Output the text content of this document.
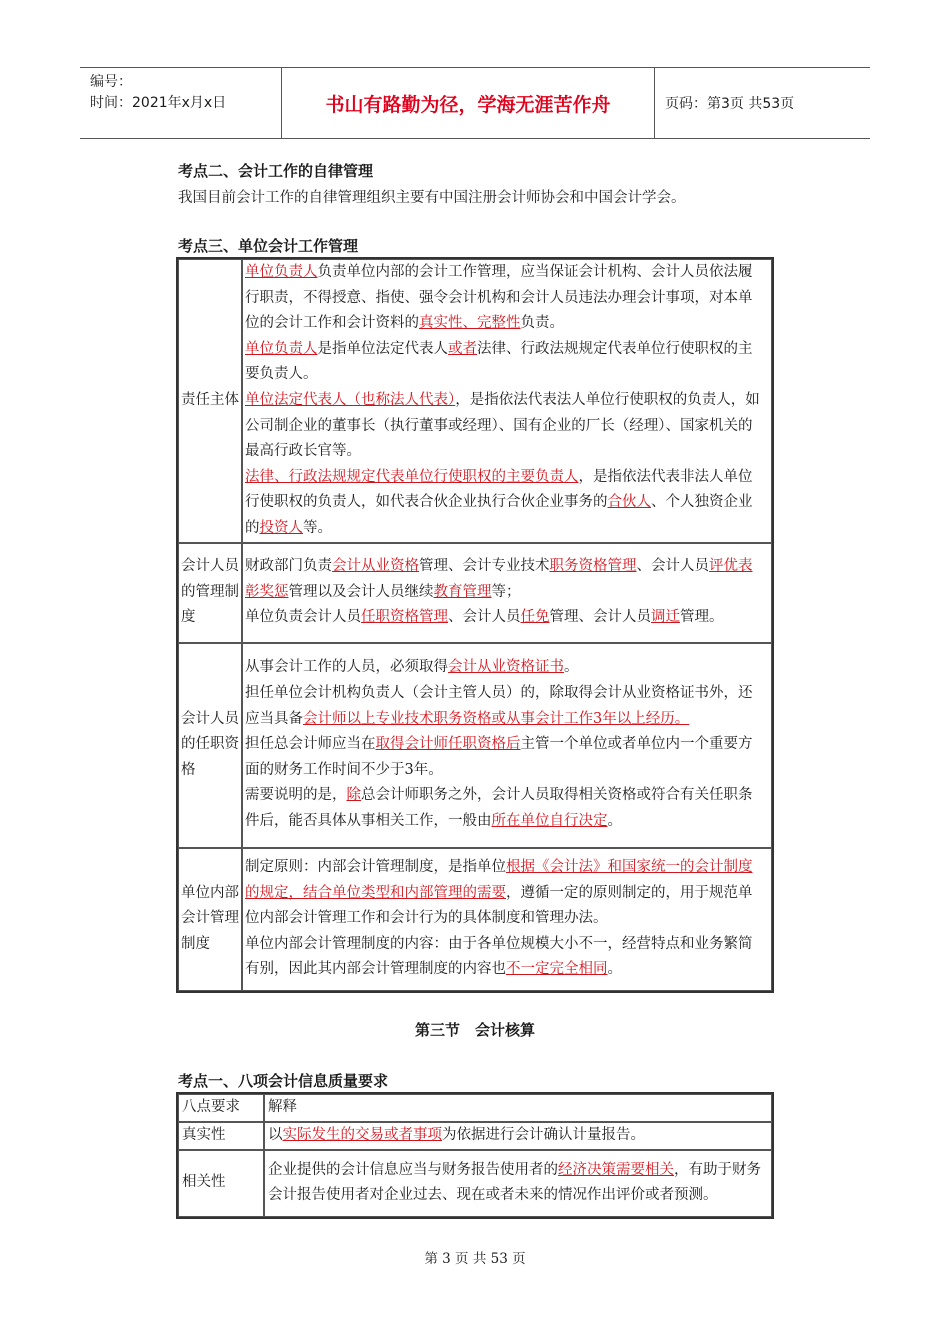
编号：
时间：2021年x月x日	书山有路勤为径，学海无涯苦作舟	页码：第3页 共53页
考点二、会计工作的自律管理
我国目前会计工作的自律管理组织主要有中国注册会计师协会和中国会计学会。
考点三、单位会计工作管理
责任主体	单位负责人负责单位内部的会计工作管理，应当保证会计机构、会计人员依法履行职责，不得授意、指使、强令会计机构和会计人员违法办理会计事项，对本单位的会计工作和会计资料的真实性、完整性负责。

单位负责人是指单位法定代表人或者法律、行政法规规定代表单位行使职权的主要负责人。

单位法定代表人（也称法人代表），是指依法代表法人单位行使职权的负责人，如公司制企业的董事长（执行董事或经理）、国有企业的厂长（经理）、国家机关的最高行政长官等。

法律、行政法规规定代表单位行使职权的主要负责人，是指依法代表非法人单位行使职权的负责人，如代表合伙企业执行合伙企业事务的合伙人、个人独资企业的投资人等。

会计人员的管理制度	财政部门负责会计从业资格管理、会计专业技术职务资格管理、会计人员评优表彰奖惩管理以及会计人员继续教育管理等；

单位负责会计人员任职资格管理、会计人员任免管理、会计人员调迁管理。

会计人员的任职资格	从事会计工作的人员，必须取得会计从业资格证书。

担任单位会计机构负责人（会计主管人员）的，除取得会计从业资格证书外，还应当具备会计师以上专业技术职务资格或从事会计工作3年以上经历。

担任总会计师应当在取得会计师任职资格后主管一个单位或者单位内一个重要方面的财务工作时间不少于3年。

需要说明的是，除总会计师职务之外，会计人员取得相关资格或符合有关任职条件后，能否具体从事相关工作，一般由所在单位自行决定。

单位内部会计管理制度	制定原则：内部会计管理制度，是指单位根据《会计法》和国家统一的会计制度的规定，结合单位类型和内部管理的需要，遵循一定的原则制定的，用于规范单位内部会计管理工作和会计行为的具体制度和管理办法。

单位内部会计管理制度的内容：由于各单位规模大小不一，经营特点和业务繁简有别，因此其内部会计管理制度的内容也不一定完全相同。

第三节　会计核算
考点一、八项会计信息质量要求
八点要求	解释
真实性	以实际发生的交易或者事项为依据进行会计确认计量报告。
相关性	企业提供的会计信息应当与财务报告使用者的经济决策需要相关，有助于财务会计报告使用者对企业过去、现在或者未来的情况作出评价或者预测。
第 3 页 共 53 页
